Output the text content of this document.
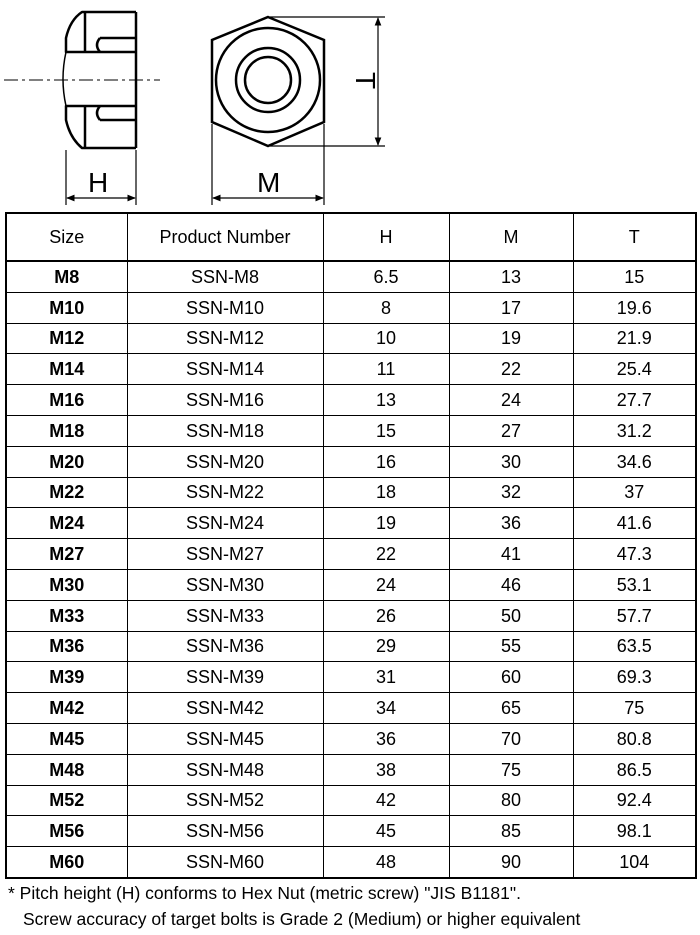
H
T
M
Size	Product Number	H	M	T
M8	SSN-M8	6.5	13	15
M10	SSN-M10	8	17	19.6
M12	SSN-M12	10	19	21.9
M14	SSN-M14	11	22	25.4
M16	SSN-M16	13	24	27.7
M18	SSN-M18	15	27	31.2
M20	SSN-M20	16	30	34.6
M22	SSN-M22	18	32	37
M24	SSN-M24	19	36	41.6
M27	SSN-M27	22	41	47.3
M30	SSN-M30	24	46	53.1
M33	SSN-M33	26	50	57.7
M36	SSN-M36	29	55	63.5
M39	SSN-M39	31	60	69.3
M42	SSN-M42	34	65	75
M45	SSN-M45	36	70	80.8
M48	SSN-M48	38	75	86.5
M52	SSN-M52	42	80	92.4
M56	SSN-M56	45	85	98.1
M60	SSN-M60	48	90	104
* Pitch height (H) conforms to Hex Nut (metric screw) "JIS B1181".
Screw accuracy of target bolts is Grade 2 (Medium) or higher equivalent
